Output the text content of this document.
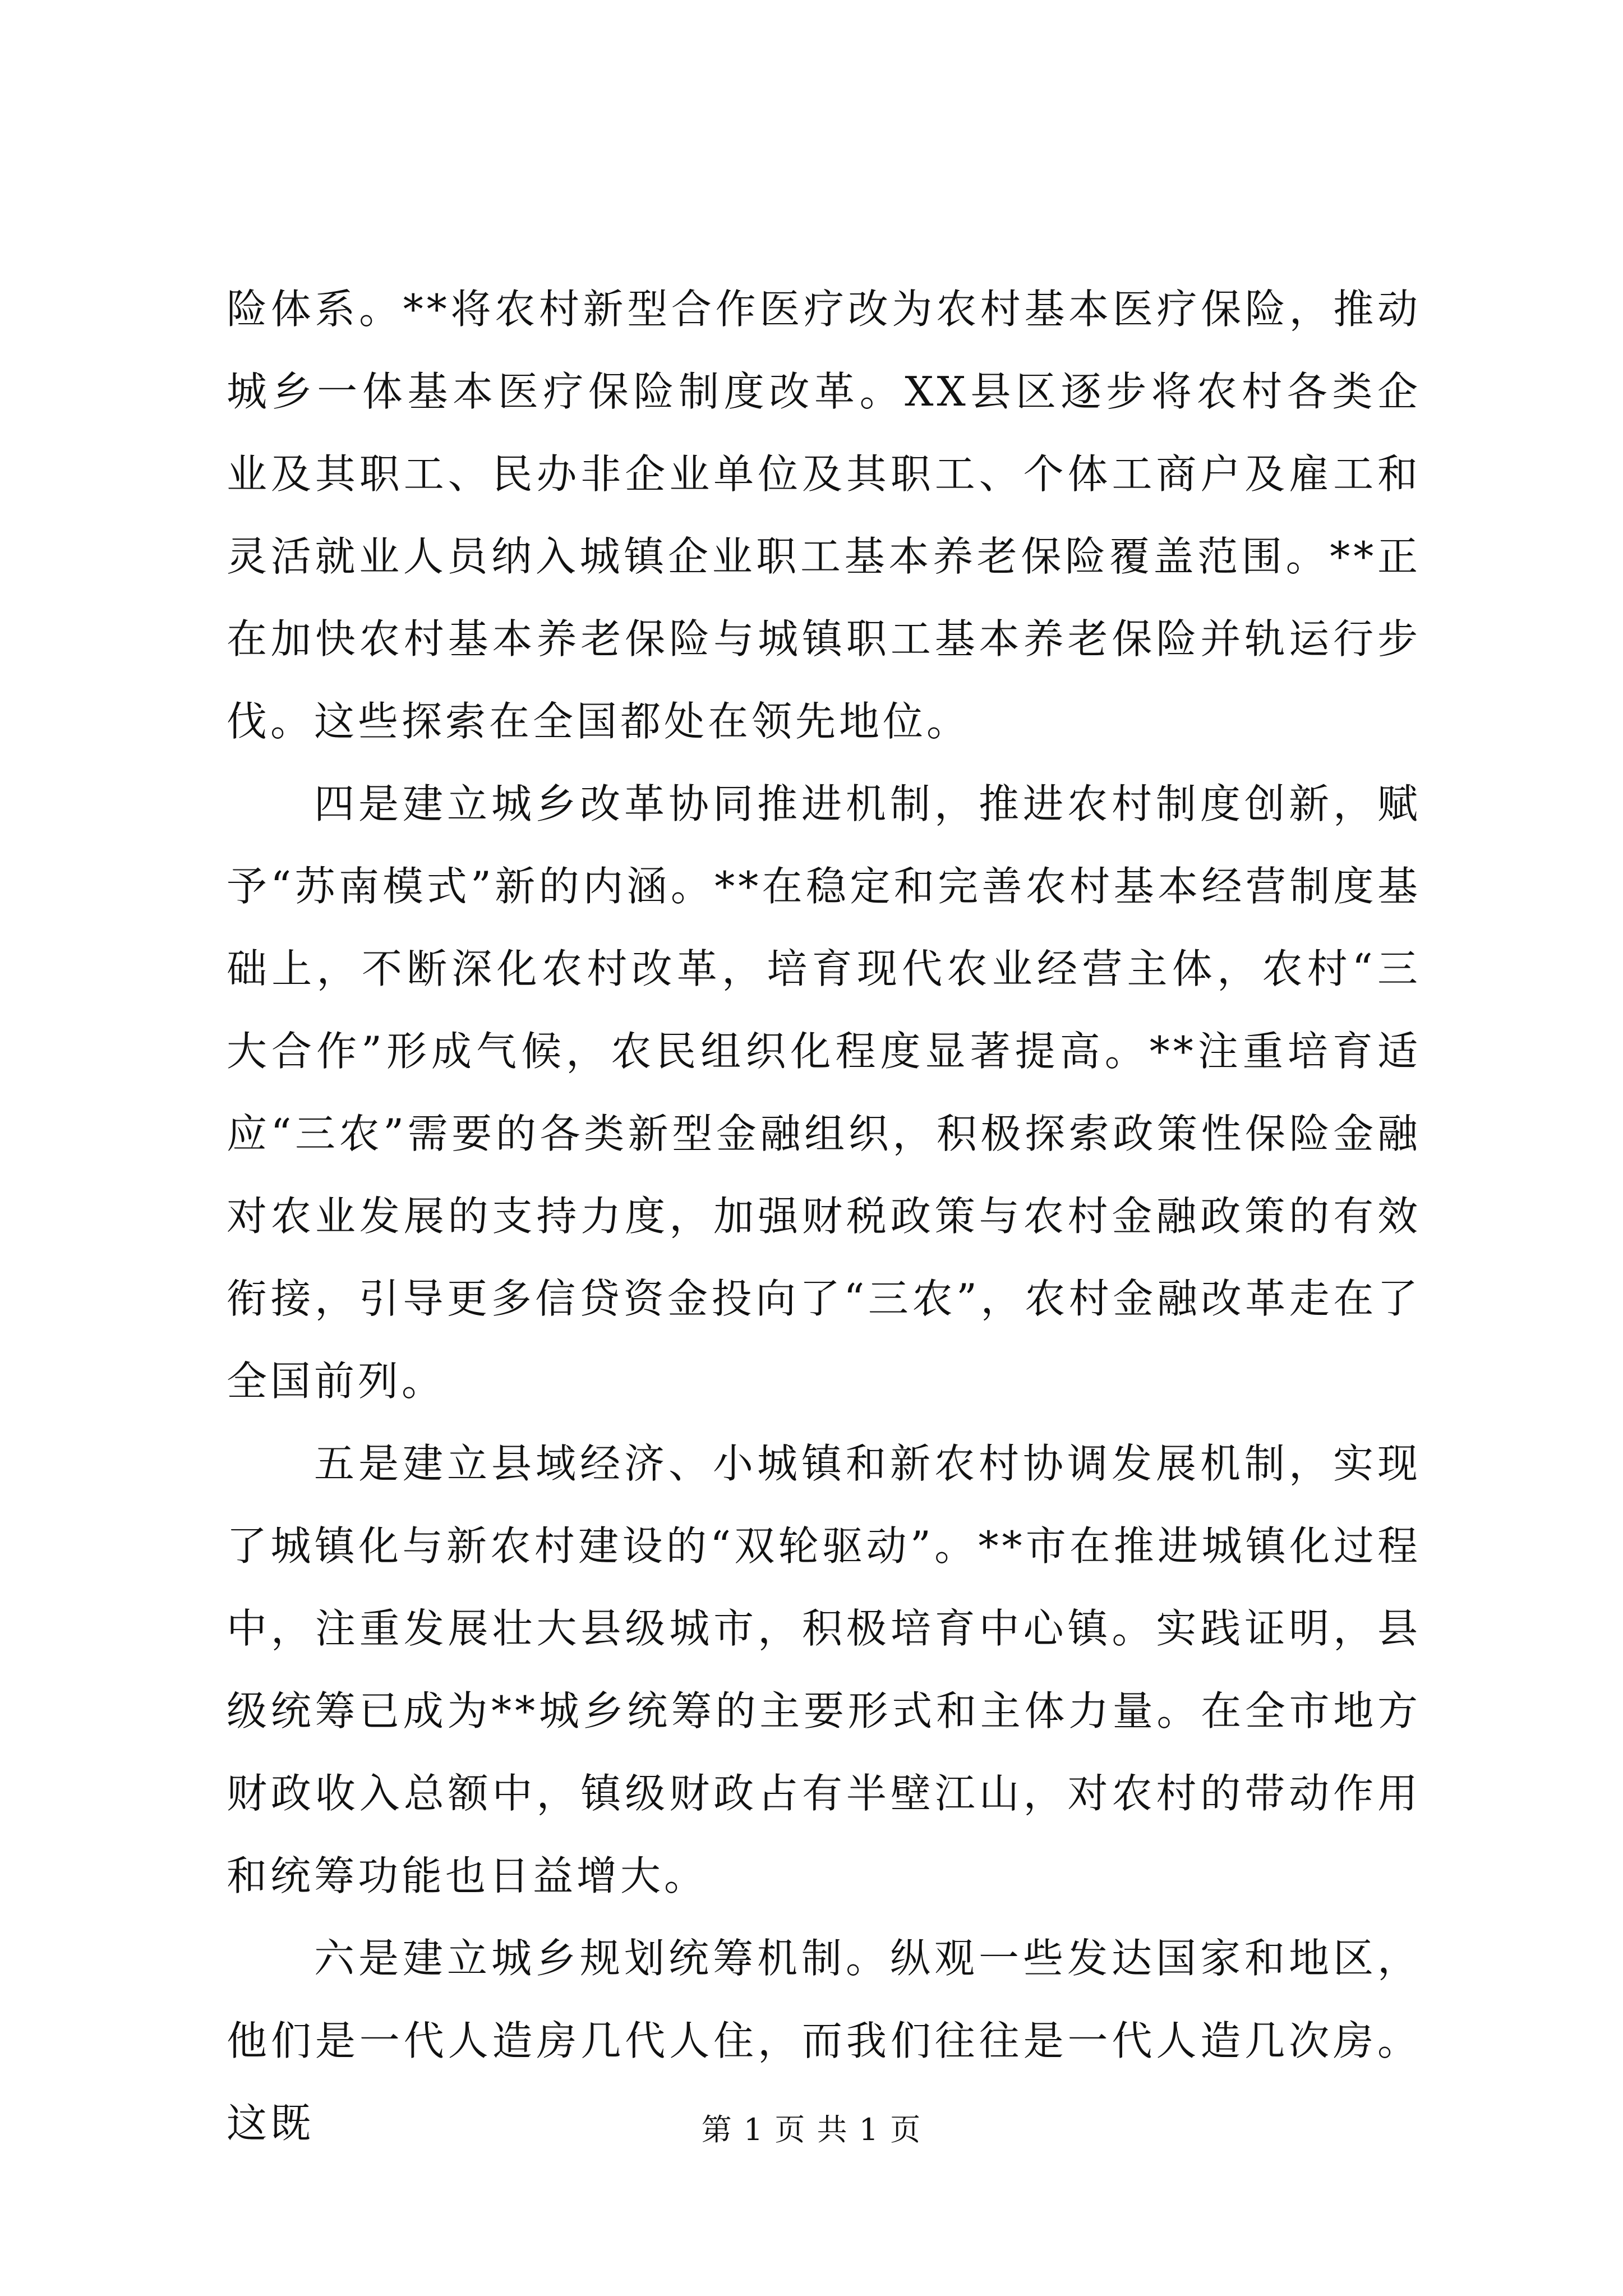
险体系。**将农村新型合作医疗改为农村基本医疗保险，推动城乡一体基本医疗保险制度改革。XX县区逐步将农村各类企业及其职工、民办非企业单位及其职工、个体工商户及雇工和灵活就业人员纳入城镇企业职工基本养老保险覆盖范围。**正在加快农村基本养老保险与城镇职工基本养老保险并轨运行步伐。这些探索在全国都处在领先地位。

四是建立城乡改革协同推进机制，推进农村制度创新，赋予“苏南模式”新的内涵。**在稳定和完善农村基本经营制度基础上，不断深化农村改革，培育现代农业经营主体，农村“三大合作”形成气候，农民组织化程度显著提高。**注重培育适应“三农”需要的各类新型金融组织，积极探索政策性保险金融对农业发展的支持力度，加强财税政策与农村金融政策的有效衔接，引导更多信贷资金投向了“三农”，农村金融改革走在了全国前列。

五是建立县域经济、小城镇和新农村协调发展机制，实现了城镇化与新农村建设的“双轮驱动”。**市在推进城镇化过程中，注重发展壮大县级城市，积极培育中心镇。实践证明，县级统筹已成为**城乡统筹的主要形式和主体力量。在全市地方财政收入总额中，镇级财政占有半壁江山，对农村的带动作用和统筹功能也日益增大。

六是建立城乡规划统筹机制。纵观一些发达国家和地区，他们是一代人造房几代人住，而我们往往是一代人造几次房。这既	第 1 页 共 1 页
